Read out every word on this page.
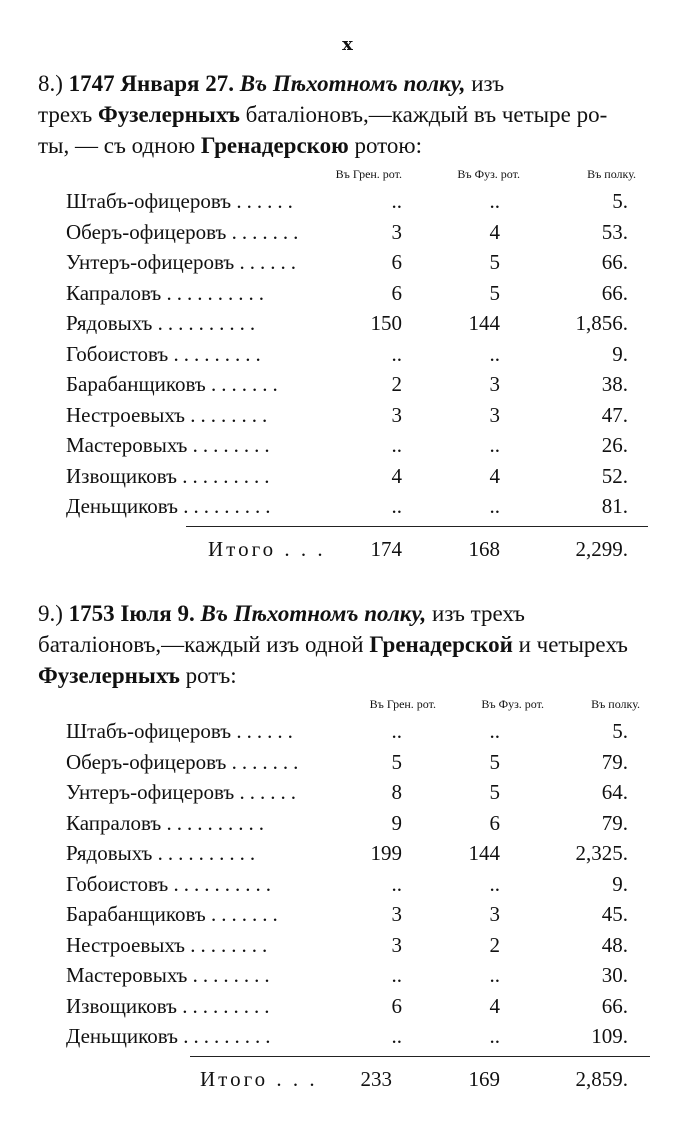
x
8.) 1747 Января 27. Въ Пѣхотномъ полку, изъ
трехъ Фузелерныхъ баталіоновъ,—каждый въ четыре ро-
ты, — съ одною Гренадерскою ротою:
Въ Грен. рот.	Въ Фуз. рот.	Въ полку.
Штабъ-офицеровъ ......	..	..	5.
Оберъ-офицеровъ .......	3	4	53.
Унтеръ-офицеровъ ......	6	5	66.
Капраловъ ..........	6	5	66.
Рядовыхъ ..........	150	144	1,856.
Гобоистовъ .........	..	..	9.
Барабанщиковъ .......	2	3	38.
Нестроевыхъ ........	3	3	47.
Мастеровыхъ ........	..	..	26.
Извощиковъ .........	4	4	52.
Деньщиковъ .........	..	..	81.
Итого . . . 174	168	2,299.
9.) 1753 Іюля 9. Въ Пѣхотномъ полку, изъ трехъ
баталіоновъ,—каждый изъ одной Гренадерской и четырехъ
Фузелерныхъ ротъ:
Въ Грен. рот.	Въ Фуз. рот.	Въ полку.
Штабъ-офицеровъ ......	..	..	5.
Оберъ-офицеровъ .......	5	5	79.
Унтеръ-офицеровъ ......	8	5	64.
Капраловъ ..........	9	6	79.
Рядовыхъ ..........	199	144	2,325.
Гобоистовъ ..........	..	..	9.
Барабанщиковъ .......	3	3	45.
Нестроевыхъ ........	3	2	48.
Мастеровыхъ ........	..	..	30.
Извощиковъ .........	6	4	66.
Деньщиковъ .........	..	..	109.
Итого . . . 233	169	2,859.
